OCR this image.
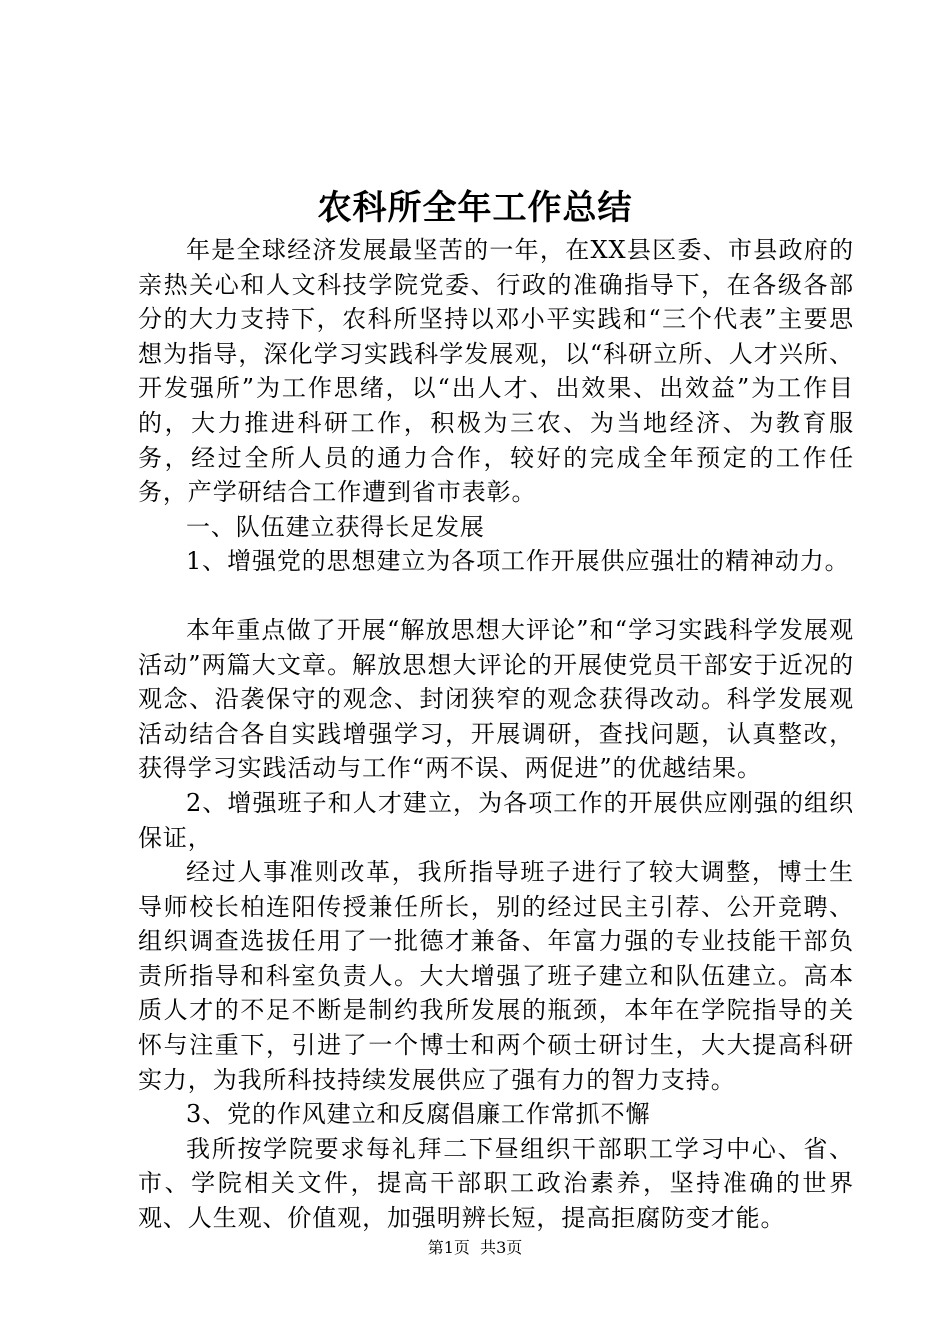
农科所全年工作总结

年是全球经济发展最坚苦的一年，在XX县区委、市县政府的亲热关心和人文科技学院党委、行政的准确指导下，在各级各部分的大力支持下，农科所坚持以邓小平实践和“三个代表”主要思想为指导，深化学习实践科学发展观，以“科研立所、人才兴所、开发强所”为工作思绪，以“出人才、出效果、出效益”为工作目的，大力推进科研工作，积极为三农、为当地经济、为教育服务，经过全所人员的通力合作，较好的完成全年预定的工作任务，产学研结合工作遭到省市表彰。

一、队伍建立获得长足发展

1、增强党的思想建立为各项工作开展供应强壮的精神动力。

本年重点做了开展“解放思想大评论”和“学习实践科学发展观活动”两篇大文章。解放思想大评论的开展使党员干部安于近况的观念、沿袭保守的观念、封闭狭窄的观念获得改动。科学发展观活动结合各自实践增强学习，开展调研，查找问题，认真整改，获得学习实践活动与工作“两不误、两促进”的优越结果。

2、增强班子和人才建立，为各项工作的开展供应刚强的组织保证，

经过人事准则改革，我所指导班子进行了较大调整，博士生导师校长柏连阳传授兼任所长，别的经过民主引荐、公开竞聘、组织调查选拔任用了一批德才兼备、年富力强的专业技能干部负责所指导和科室负责人。大大增强了班子建立和队伍建立。高本质人才的不足不断是制约我所发展的瓶颈，本年在学院指导的关怀与注重下，引进了一个博士和两个硕士研讨生，大大提高科研实力，为我所科技持续发展供应了强有力的智力支持。

3、党的作风建立和反腐倡廉工作常抓不懈

我所按学院要求每礼拜二下昼组织干部职工学习中心、省、市、学院相关文件，提高干部职工政治素养，坚持准确的世界观、人生观、价值观，加强明辨长短，提高拒腐防变才能。

第1页 共3页
